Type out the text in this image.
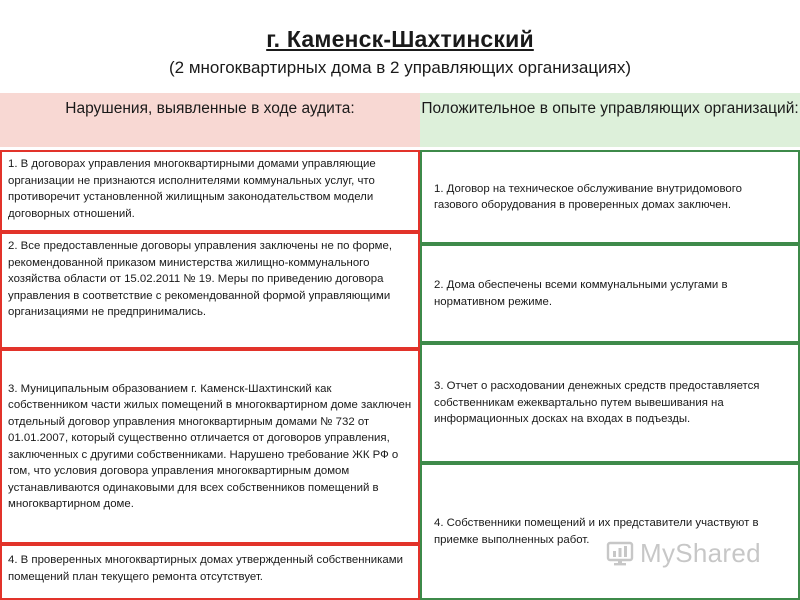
г. Каменск-Шахтинский
(2 многоквартирных дома в 2 управляющих организациях)
Нарушения, выявленные в ходе аудита:	Положительное в опыте управляющих организаций:
1. В договорах управления многоквартирными домами управляющие организации не признаются исполнителями коммунальных услуг, что противоречит установленной жилищным законодательством модели договорных отношений.
2. Все предоставленные договоры управления заключены не по форме, рекомендованной приказом министерства жилищно-коммунального хозяйства области от 15.02.2011 № 19. Меры по приведению договора управления в соответствие с рекомендованной формой управляющими организациями не предпринимались.
3. Муниципальным образованием г. Каменск-Шахтинский как собственником части жилых помещений в многоквартирном доме заключен отдельный договор управления многоквартирным домами № 732 от 01.01.2007, который существенно отличается от договоров управления, заключенных с другими собственниками. Нарушено требование ЖК РФ о том, что условия договора управления многоквартирным домом устанавливаются одинаковыми для всех собственников помещений в многоквартирном доме.
4. В проверенных многоквартирных домах утвержденный собственниками помещений план текущего ремонта отсутствует.
1. Договор на техническое обслуживание внутридомового газового оборудования в проверенных домах заключен.
2. Дома обеспечены всеми коммунальными услугами в нормативном режиме.
3. Отчет о расходовании денежных средств предоставляется собственникам ежеквартально путем вывешивания на информационных досках на входах в подъезды.
4. Собственники помещений и их представители участвуют в приемке выполненных работ.	MyShared
